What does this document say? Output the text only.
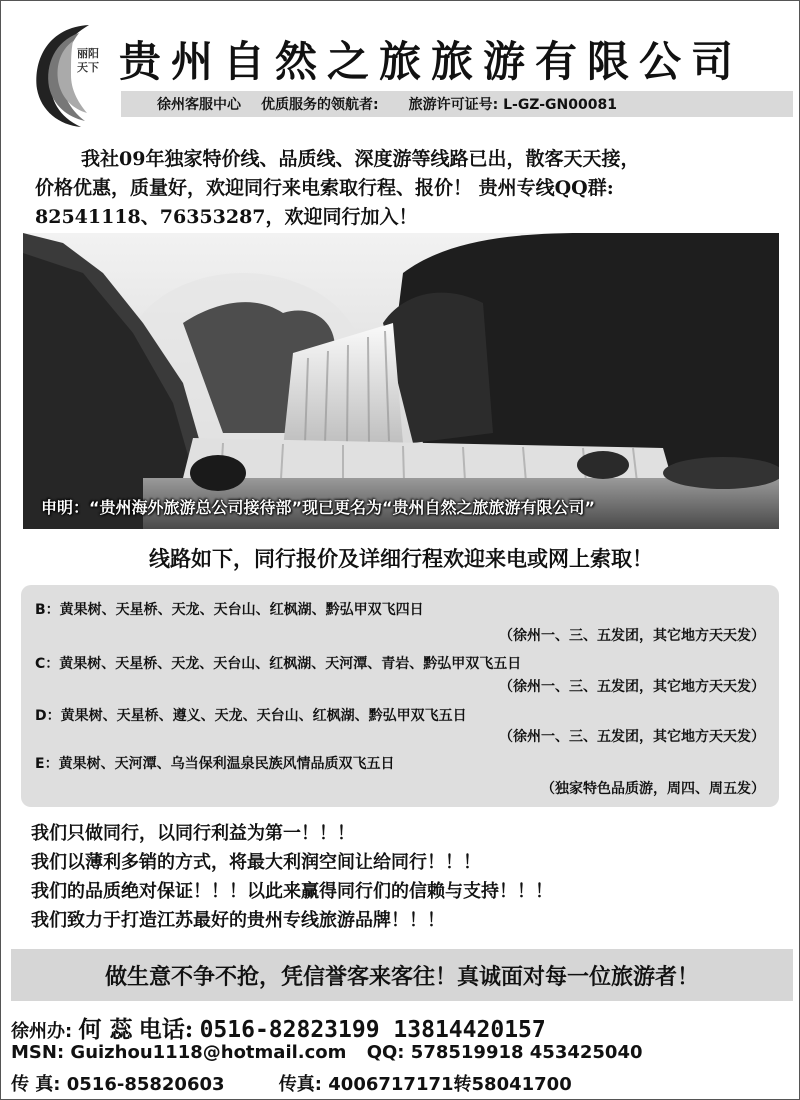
丽阳天下 贵州自然之旅旅游有限公司
徐州客服中心 优质服务的领航者: 旅游许可证号: L-GZ-GN00081

我社09年独家特价线、品质线、深度游等线路已出，散客天天接，

价格优惠，质量好，欢迎同行来电索取行程、报价！ 贵州专线QQ群:

82541118、76353287，欢迎同行加入！

申明：“贵州海外旅游总公司接待部”现已更名为“贵州自然之旅旅游有限公司”
线路如下，同行报价及详细行程欢迎来电或网上索取！
B：黄果树、天星桥、天龙、天台山、红枫湖、黔弘甲双飞四日
（徐州一、三、五发团，其它地方天天发）
C：黄果树、天星桥、天龙、天台山、红枫湖、天河潭、青岩、黔弘甲双飞五日
（徐州一、三、五发团，其它地方天天发）
D：黄果树、天星桥、遵义、天龙、天台山、红枫湖、黔弘甲双飞五日
（徐州一、三、五发团，其它地方天天发）
E：黄果树、天河潭、乌当保利温泉民族风情品质双飞五日
（独家特色品质游，周四、周五发）
我们只做同行，以同行利益为第一！！！
我们以薄利多销的方式，将最大利润空间让给同行！！！
我们的品质绝对保证！！！以此来赢得同行们的信赖与支持！！！
我们致力于打造江苏最好的贵州专线旅游品牌！！！
做生意不争不抢，凭信誉客来客往！真诚面对每一位旅游者！
徐州办: 何 蕊 电话: 0516-82823199 13814420157
MSN: Guizhou1118@hotmail.com QQ: 578519918 453425040
传 真: 0516-85820603	传真: 4006717171转58041700
